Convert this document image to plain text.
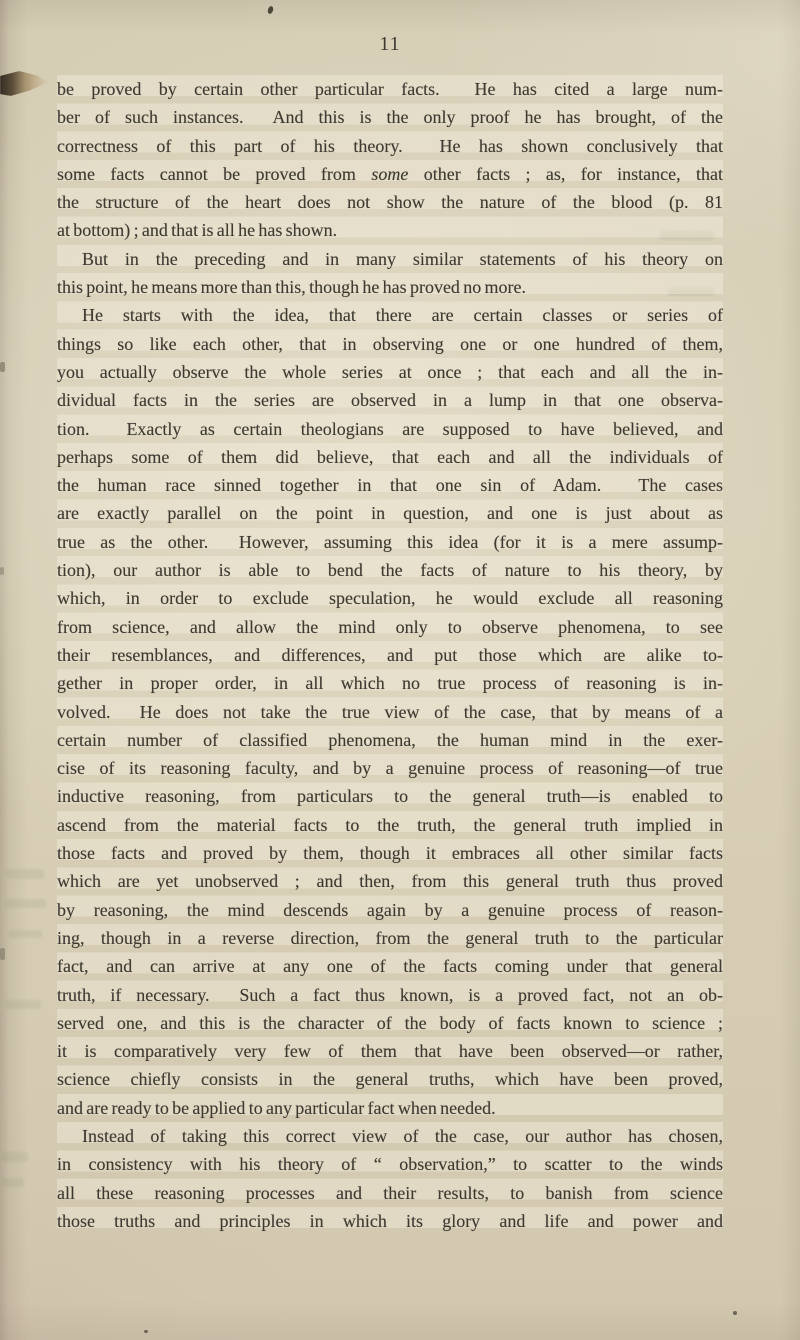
11
be proved by certain other particular facts.  He has cited a large num-
ber of such instances.  And this is the only proof he has brought, of the
correctness of this part of his theory.  He has shown conclusively that
some facts cannot be proved from some other facts ; as, for instance, that
the structure of the heart does not show the nature of the blood (p. 81
at bottom) ; and that is all he has shown.
But in the preceding and in many similar statements of his theory on
this point, he means more than this, though he has proved no more.
He starts with the idea, that there are certain classes or series of
things so like each other, that in observing one or one hundred of them,
you actually observe the whole series at once ; that each and all the in-
dividual facts in the series are observed in a lump in that one observa-
tion.  Exactly as certain theologians are supposed to have believed, and
perhaps some of them did believe, that each and all the individuals of
the human race sinned together in that one sin of Adam.  The cases
are exactly parallel on the point in question, and one is just about as
true as the other.  However, assuming this idea (for it is a mere assump-
tion), our author is able to bend the facts of nature to his theory, by
which, in order to exclude speculation, he would exclude all reasoning
from science, and allow the mind only to observe phenomena, to see
their resemblances, and differences, and put those which are alike to-
gether in proper order, in all which no true process of reasoning is in-
volved.  He does not take the true view of the case, that by means of a
certain number of classified phenomena, the human mind in the exer-
cise of its reasoning faculty, and by a genuine process of reasoning—of true
inductive reasoning, from particulars to the general truth—is enabled to
ascend from the material facts to the truth, the general truth implied in
those facts and proved by them, though it embraces all other similar facts
which are yet unobserved ; and then, from this general truth thus proved
by reasoning, the mind descends again by a genuine process of reason-
ing, though in a reverse direction, from the general truth to the particular
fact, and can arrive at any one of the facts coming under that general
truth, if necessary.  Such a fact thus known, is a proved fact, not an ob-
served one, and this is the character of the body of facts known to science ;
it is comparatively very few of them that have been observed—or rather,
science chiefly consists in the general truths, which have been proved,
and are ready to be applied to any particular fact when needed.
Instead of taking this correct view of the case, our author has chosen,
in consistency with his theory of “ observation,” to scatter to the winds
all these reasoning processes and their results, to banish from science
those truths and principles in which its glory and life and power and
